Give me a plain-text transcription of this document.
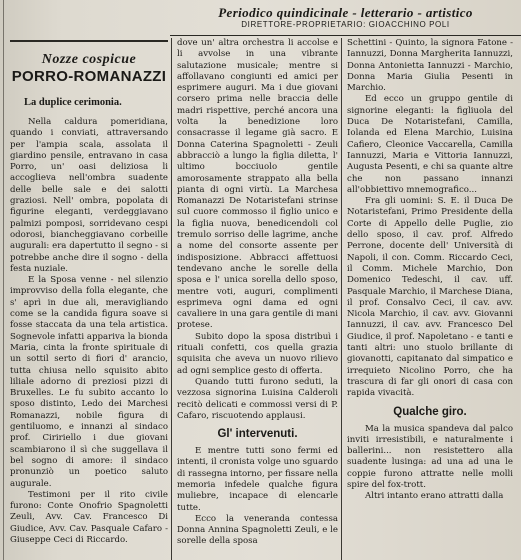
Periodico quindicinale - letterario - artistico
DIRETTORE-PROPRIETARIO: GIOACCHINO POLI
Nozze cospicue
PORRO-ROMANAZZI
La duplice cerimonia.

Nella caldura pomeridiana, quando i conviati, attraversando per l'ampia scala, assolata il giardino pensile, entravano in casa Porro, un' oasi deliziosa li accoglieva nell'ombra suadente delle belle sale e dei salotti graziosi. Nell' ombra, popolata di figurine eleganti, verdeggiavano palmizi pomposi, sorridevano cespi odorosi, biancheggiavano corbeille augurali: era dapertutto il segno - si potrebbe anche dire il sogno - della festa nuziale.

E la Sposa venne - nel silenzio improvviso della folla elegante, che s' aprì in due ali, meravigliando come se la candida figura soave si fosse staccata da una tela artistica. Sognevole infatti appariva la bionda Maria, cinta la fronte spirituale di un sottil serto di fiori d' arancio, tutta chiusa nello squisito abito liliale adorno di preziosi pizzi di Bruxelles. Le fu subito accanto lo sposo distinto, Ledo dei Marchesi Romanazzi, nobile figura di gentiluomo, e innanzi al sindaco prof. Ciririello i due giovani scambiarono il sì che suggellava il bel sogno di amore: il sindaco pronunziò un poetico saluto augurale.

Testimoni per il rito civile furono: Conte Onofrio Spagnoletti Zeuli, Avv. Cav. Francesco Di Giudice, Avv. Cav. Pasquale Cafaro - Giuseppe Ceci di Riccardo.

dove un' altra orchestra li accolse e li avvolse in una vibrante salutazione musicale; mentre si affollavano congiunti ed amici per esprimere auguri. Ma i due giovani corsero prima nelle braccia delle madri rispettive, perché ancora una volta la benedizione loro consacrasse il legame già sacro. E Donna Caterina Spagnoletti - Zeuli abbracciò a lungo la figlia diletta, l' ultimo bocciuolo gentile amorosamente strappato alla bella pianta di ogni virtù. La Marchesa Romanazzi De Notaristefani strinse sul cuore commosso il figlio unico e la figlia nuova, benedicendoli col tremulo sorriso delle lagrime, anche a nome del consorte assente per indisposizione. Abbracci affettuosi tendevano anche le sorelle della sposa e l' unica sorella dello sposo, mentre voti, auguri, complimenti esprimeva ogni dama ed ogni cavaliere in una gara gentile di mani protese.

Subito dopo la sposa distribuì i rituali confetti, cos quella grazia squisita che aveva un nuovo rilievo ad ogni semplice gesto di offerta.

Quando tutti furono seduti, la vezzosa signorina Luisina Calderoli recitò delicati e commossi versi di P. Cafaro, riscuotendo applausi.

Gl' intervenuti.

E mentre tutti sono fermi ed intenti, il cronista volge uno sguardo di rassegna intorno, per fissare nella memoria infedele qualche figura muliebre, incapace di elencarle tutte.

Ecco la veneranda contessa Donna Annina Spagnoletti Zeuli, e le sorelle della sposa

Schettini - Quinto, la signora Fatone - Iannuzzi, Donna Margherita Iannuzzi, Donna Antonietta Iannuzzi - Marchio, Donna Maria Giulia Pesenti in Marchio.

Ed ecco un gruppo gentile di signorine eleganti: la figliuola del Duca De Notaristefani, Camilla, Iolanda ed Elena Marchio, Luisina Cafiero, Cleonice Vaccarella, Camilla Iannuzzi, Maria e Vittoria Iannuzzi, Augusta Pesenti, e chi sa quante altre che non passano innanzi all'obbiettivo mnemografico...

Fra gli uomini: S. E. il Duca De Notaristefani, Primo Presidente della Corte di Appello delle Puglie, zio dello sposo, il cav. prof. Alfredo Perrone, docente dell' Università di Napoli, il con. Comm. Riccardo Ceci, il Comm. Michele Marchio, Don Domenico Tedeschi, il cav. uff. Pasquale Marchio, il Marchese Diana, il prof. Consalvo Ceci, il cav. avv. Nicola Marchio, il cav. avv. Giovanni Iannuzzi, il cav. avv. Francesco Del Giudice, il prof. Napoletano - e tanti e tanti altri: uno stuolo brillante di giovanotti, capitanato dal simpatico e irrequieto Nicolino Porro, che ha trascura di far gli onori di casa con rapida vivacità.

Qualche giro.

Ma la musica spandeva dal palco inviti irresistibili, e naturalmente i ballerini... non resistettero alla suadente lusinga: ad una ad una le coppie furono attratte nelle molli spire del fox-trott.

Altri intanto erano attratti dalla
